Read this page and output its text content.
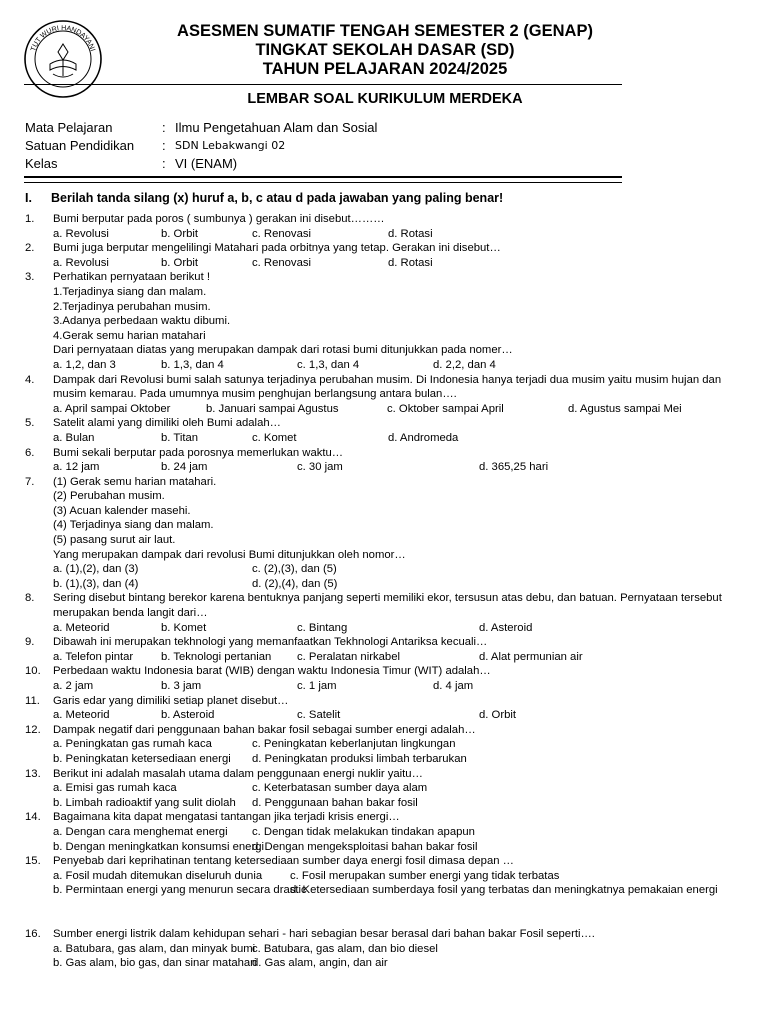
TUT WURI HANDAYANI
ASESMEN SUMATIF TENGAH SEMESTER 2 (GENAP)
TINGKAT SEKOLAH DASAR (SD)
TAHUN PELAJARAN 2024/2025
LEMBAR SOAL KURIKULUM MERDEKA
Mata Pelajaran	: Ilmu Pengetahuan Alam dan Sosial
Satuan Pendidikan	: SDN Lebakwangi 02
Kelas	: VI (ENAM)
I.	Berilah tanda silang (x) huruf a, b, c atau d pada jawaban yang paling benar!
1.	Bumi berputar pada poros ( sumbunya ) gerakan ini disebut………
a. Revolusi	b. Orbit	c. Renovasi	d. Rotasi
2.	Bumi juga berputar mengelilingi Matahari pada orbitnya yang tetap. Gerakan ini disebut…
a. Revolusi	b. Orbit	c. Renovasi	d. Rotasi
3.	Perhatikan pernyataan berikut !
1.Terjadinya siang dan malam.
2.Terjadinya perubahan musim.
3.Adanya perbedaan waktu dibumi.
4.Gerak semu harian matahari
Dari pernyataan diatas yang merupakan dampak dari rotasi bumi ditunjukkan pada nomer…
a. 1,2, dan 3	b. 1,3, dan 4	c. 1,3, dan 4	d. 2,2, dan 4
4.	Dampak dari Revolusi bumi salah satunya terjadinya perubahan musim. Di Indonesia hanya terjadi dua musim yaitu musim hujan dan
musim kemarau. Pada umumnya musim penghujan berlangsung antara bulan….
a. April sampai Oktober	b. Januari sampai Agustus	c. Oktober sampai April	d. Agustus sampai Mei
5.	Satelit alami yang dimiliki oleh Bumi adalah…
a. Bulan	b. Titan	c. Komet	d. Andromeda
6.	Bumi sekali berputar pada porosnya memerlukan waktu…
a. 12 jam	b. 24 jam	c. 30 jam	d. 365,25 hari
7.	(1) Gerak semu harian matahari.
(2) Perubahan musim.
(3) Acuan kalender masehi.
(4) Terjadinya siang dan malam.
(5) pasang surut air laut.
Yang merupakan dampak dari revolusi Bumi ditunjukkan oleh nomor…
a. (1),(2), dan (3)	c. (2),(3), dan (5)
b. (1),(3), dan (4)	d. (2),(4), dan (5)
8.	Sering disebut bintang berekor karena bentuknya panjang seperti memiliki ekor, tersusun atas debu, dan batuan. Pernyataan tersebut
merupakan benda langit dari…
a. Meteorid	b. Komet	c. Bintang	d. Asteroid
9.	Dibawah ini merupakan tekhnologi yang memanfaatkan Tekhnologi Antariksa kecuali…
a. Telefon pintar b. Teknologi pertanian c. Peralatan nirkabel	d. Alat permunian air
10.	Perbedaan waktu Indonesia barat (WIB) dengan waktu Indonesia Timur (WIT) adalah…
a. 2 jam	b. 3 jam	c. 1 jam	d. 4 jam
11.	Garis edar yang dimiliki setiap planet disebut…
a. Meteorid	b. Asteroid	c. Satelit	d. Orbit
12.	Dampak negatif dari penggunaan bahan bakar fosil sebagai sumber energi adalah…
a. Peningkatan gas rumah kaca	c. Peningkatan keberlanjutan lingkungan
b. Peningkatan ketersediaan energi d. Peningkatan produksi limbah terbarukan
13.	Berikut ini adalah masalah utama dalam penggunaan energi nuklir yaitu…
a. Emisi gas rumah kaca	c. Keterbatasan sumber daya alam
b. Limbah radioaktif yang sulit diolah d. Penggunaan bahan bakar fosil
14.	Bagaimana kita dapat mengatasi tantangan jika terjadi krisis energi…
a. Dengan cara menghemat energi c. Dengan tidak melakukan tindakan apapun
b. Dengan meningkatkan konsumsi energi
d. Dengan mengeksploitasi bahan bakar fosil
15.	Penyebab dari keprihatinan tentang ketersediaan sumber daya energi fosil dimasa depan …
a. Fosil mudah ditemukan diseluruh dunia c. Fosil merupakan sumber energi yang tidak terbatas
b. Permintaan energi yang menurun secara drastic
d. Ketersediaan sumberdaya fosil yang terbatas dan meningkatnya pemakaian energi
16.	Sumber energi listrik dalam kehidupan sehari - hari sebagian besar berasal dari bahan bakar Fosil seperti….
a. Batubara, gas alam, dan minyak bumi
c. Batubara, gas alam, dan bio diesel
b. Gas alam, bio gas, dan sinar matahari
d. Gas alam, angin, dan air
